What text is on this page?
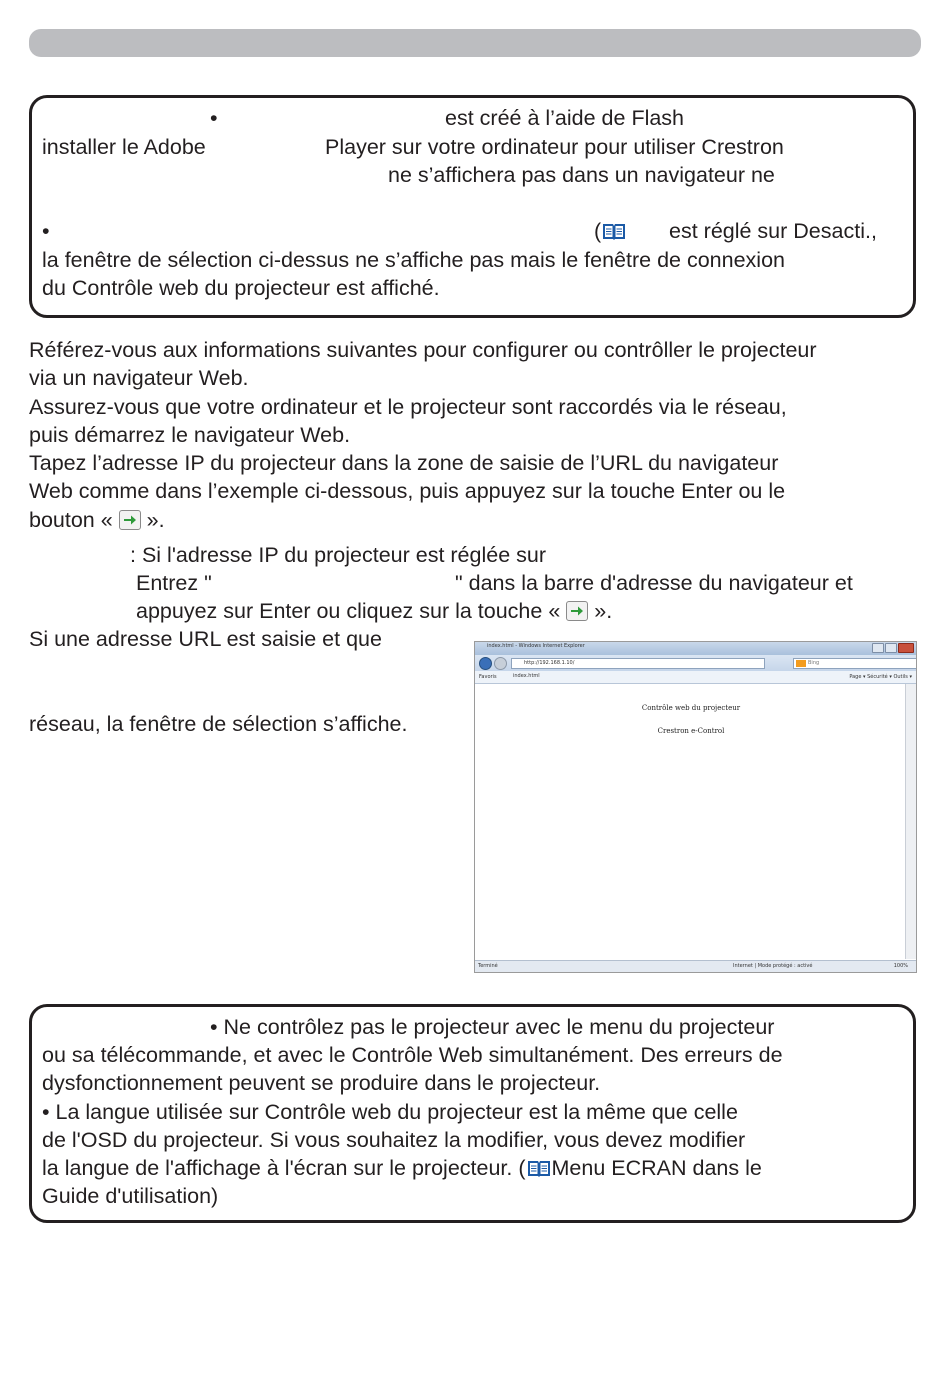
•	est créé à l’aide de Flash
installer le Adobe	Player sur votre ordinateur pour utiliser Crestron
ne s’affichera pas dans un navigateur ne
•	(	est réglé sur Desacti.,
la fenêtre de sélection ci-dessus ne s’affiche pas mais le fenêtre de connexion
du Contrôle web du projecteur est affiché.
Référez-vous aux informations suivantes pour configurer ou contrôller le projecteur
via un navigateur Web.
Assurez-vous que votre ordinateur et le projecteur sont raccordés via le réseau,
puis démarrez le navigateur Web.
Tapez l’adresse IP du projecteur dans la zone de saisie de l’URL du navigateur
Web comme dans l’exemple ci-dessous, puis appuyez sur la touche Enter ou le
bouton « ».
: Si l'adresse IP du projecteur est réglée sur
Entrez "	" dans la barre d'adresse du navigateur et
appuyez sur Enter ou cliquez sur la touche « ».
Si une adresse URL est saisie et que
réseau, la fenêtre de sélection s’affiche.
index.html - Windows Internet Explorer
http://192.168.1.10/	Bing
Favoris	index.html	Page ▾ Sécurité ▾ Outils ▾
Contrôle web du projecteur
Crestron e-Control
Terminé	Internet | Mode protégé : activé	100%
• Ne contrôlez pas le projecteur avec le menu du projecteur
ou sa télécommande, et avec le Contrôle Web simultanément. Des erreurs de
dysfonctionnement peuvent se produire dans le projecteur.
• La langue utilisée sur Contrôle web du projecteur est la même que celle
de l'OSD du projecteur. Si vous souhaitez la modifier, vous devez modifier
la langue de l'affichage à l'écran sur le projecteur. ( Menu ECRAN dans le
Guide d'utilisation)
